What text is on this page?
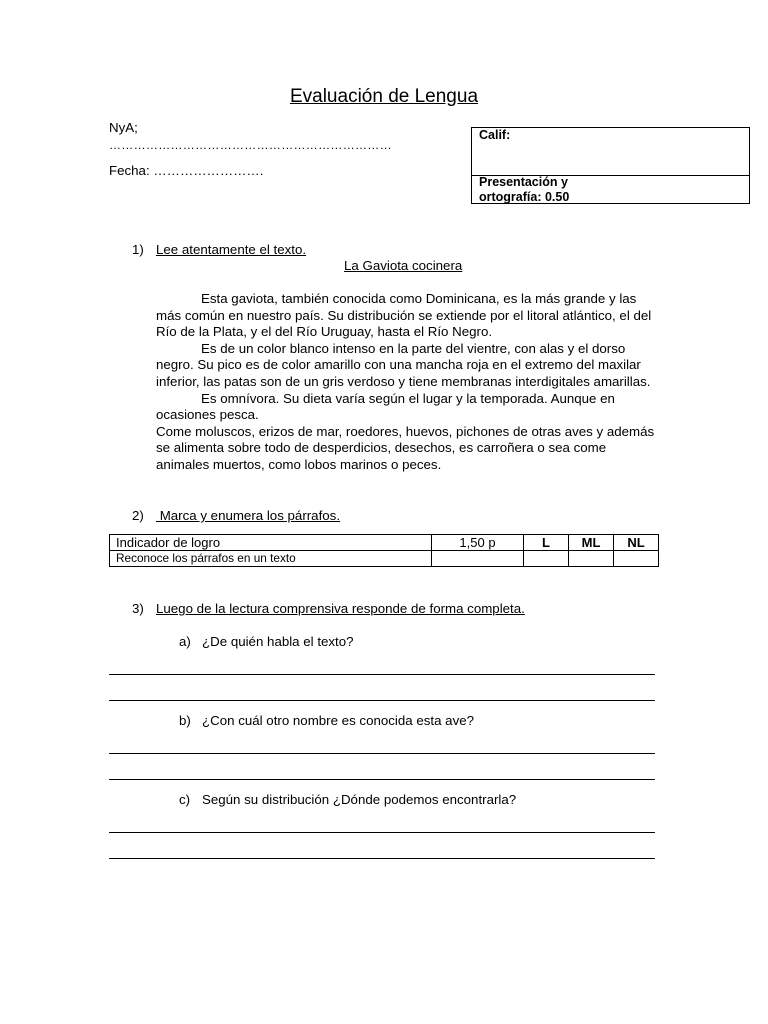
Evaluación de Lengua
NyA;
……………………………………………………………
Fecha: …………………….
Calif:
Presentación y
ortografía: 0.50
1) Lee atentamente el texto.
La Gaviota cocinera

Esta gaviota, también conocida como Dominicana, es la más grande y las más común en nuestro país. Su distribución se extiende por el litoral atlántico, el del Río de la Plata, y el del Río Uruguay, hasta el Río Negro.

Es de un color blanco intenso en la parte del vientre, con alas y el dorso negro. Su pico es de color amarillo con una mancha roja en el extremo del maxilar inferior, las patas son de un gris verdoso y tiene membranas interdigitales amarillas.

Es omnívora. Su dieta varía según el lugar y la temporada. Aunque en ocasiones pesca.

Come moluscos, erizos de mar, roedores, huevos, pichones de otras aves y además se alimenta sobre todo de desperdicios, desechos, es carroñera o sea come animales muertos, como lobos marinos o peces.

2) Marca y enumera los párrafos.
Indicador de logro	1,50 p	L	ML	NL
Reconoce los párrafos en un texto				
3) Luego de la lectura comprensiva responde de forma completa.
a) ¿De quién habla el texto?
b) ¿Con cuál otro nombre es conocida esta ave?
c) Según su distribución ¿Dónde podemos encontrarla?
